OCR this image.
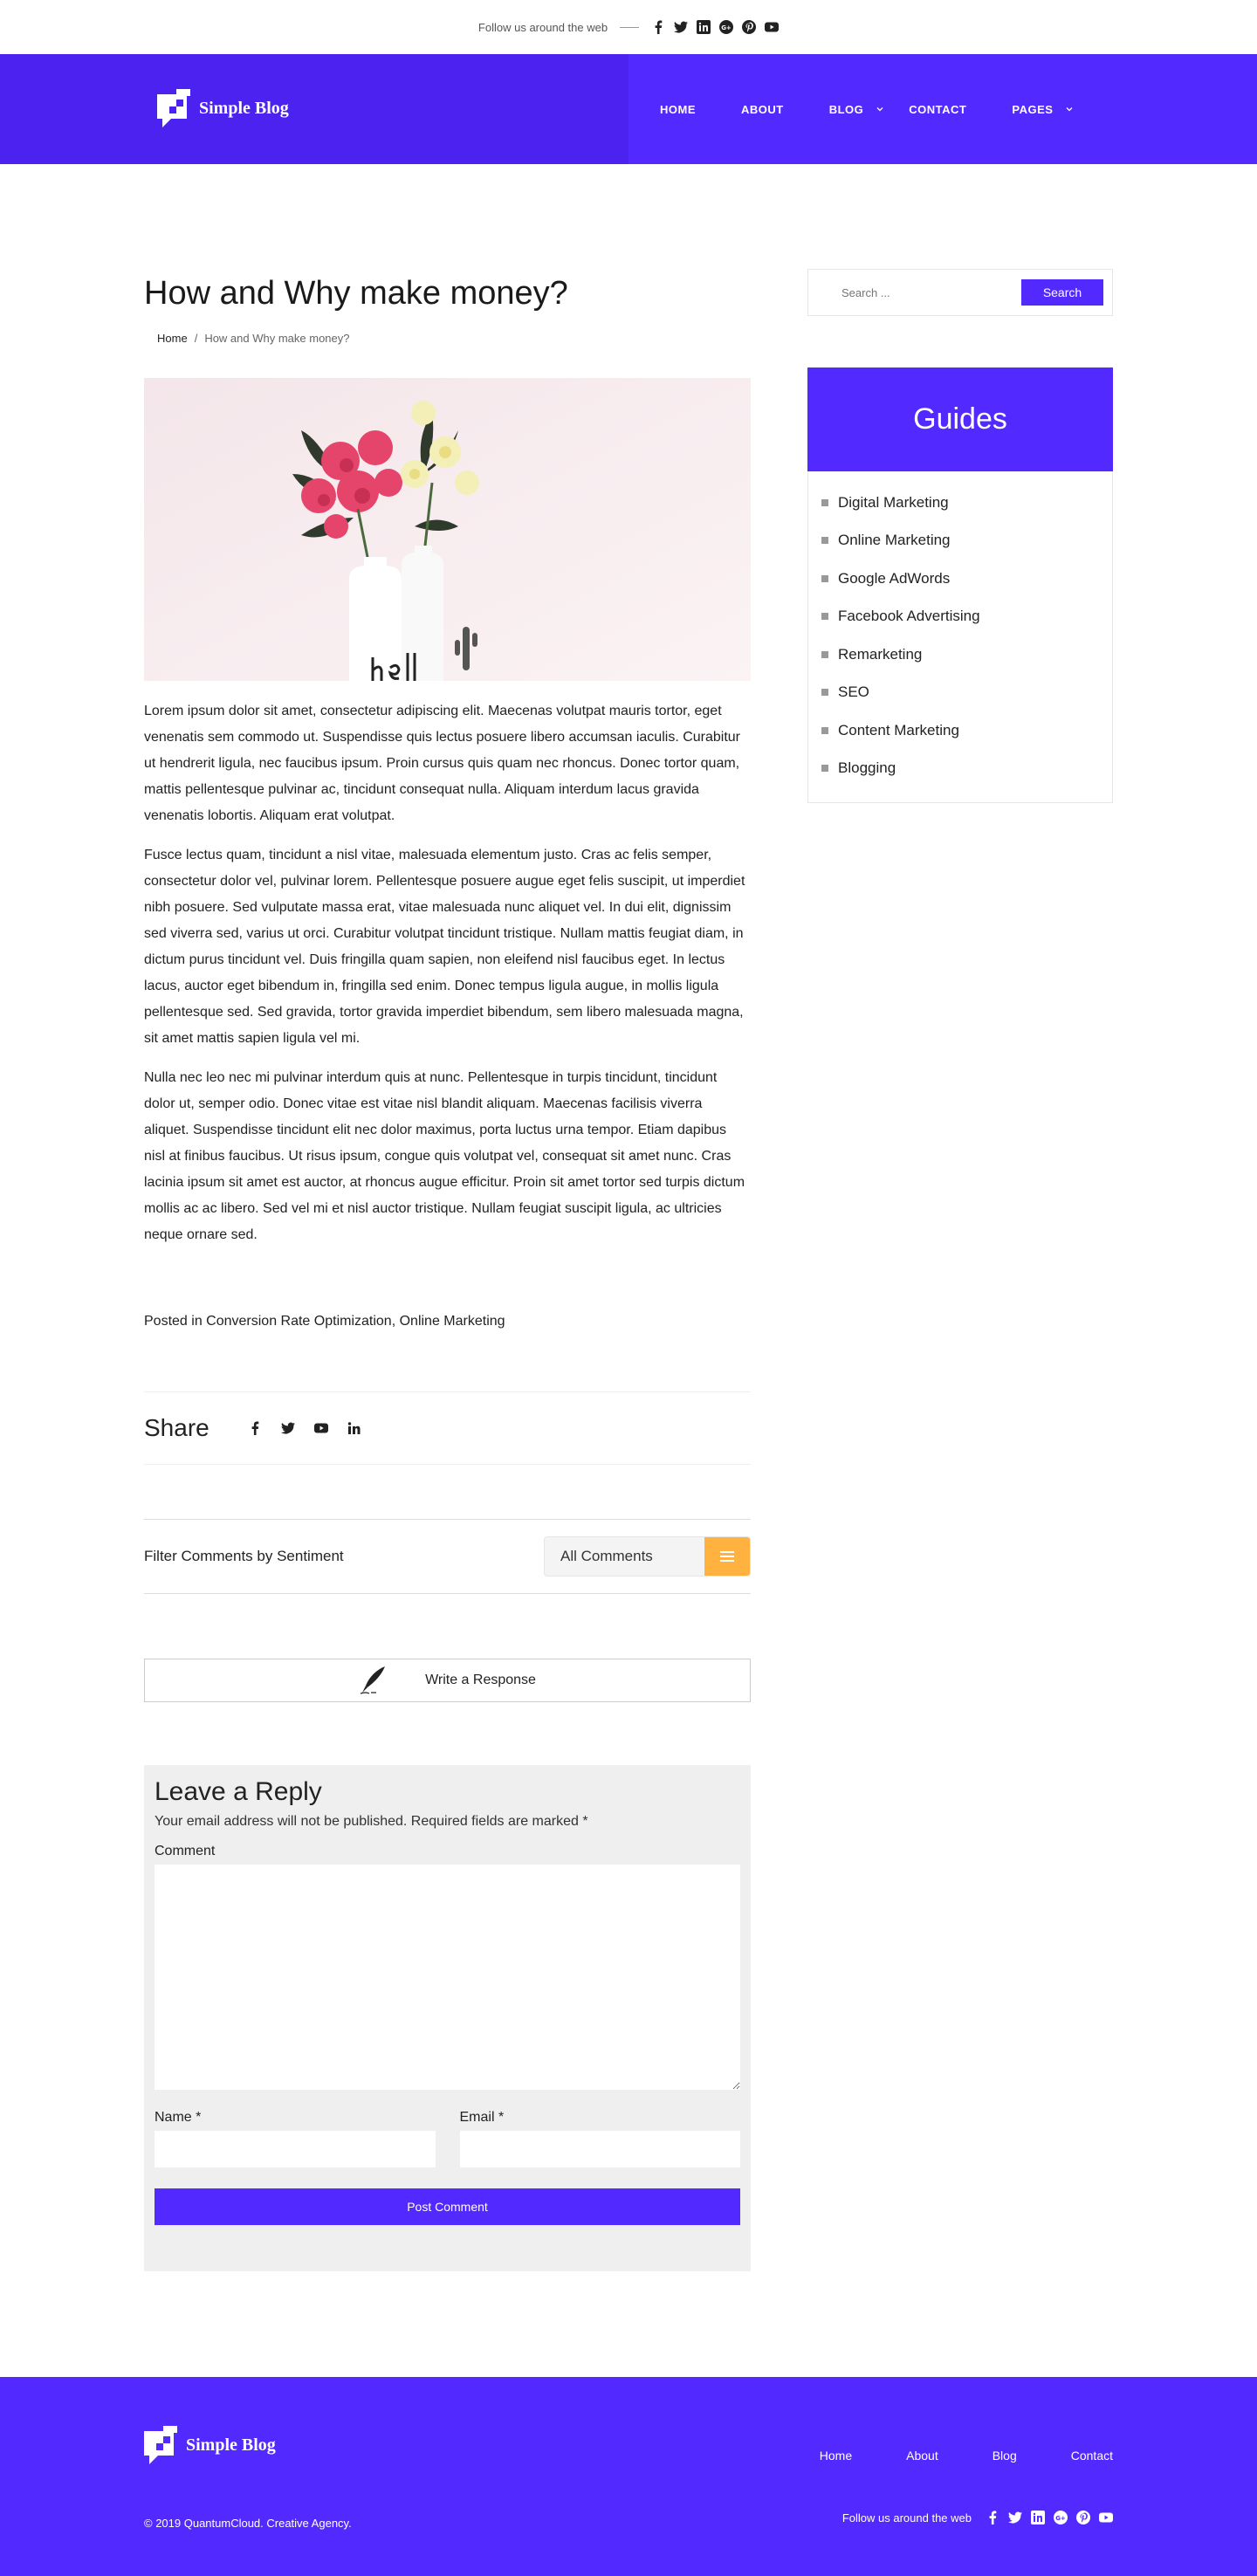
Follow us around the web	G+
Simple Blog	HOME	ABOUT	BLOG	CONTACT	PAGES
How and Why make money?
Home / How and Why make money?

Lorem ipsum dolor sit amet, consectetur adipiscing elit. Maecenas volutpat mauris tortor, eget venenatis sem commodo ut. Suspendisse quis lectus posuere libero accumsan iaculis. Curabitur ut hendrerit ligula, nec faucibus ipsum. Proin cursus quis quam nec rhoncus. Donec tortor quam, mattis pellentesque pulvinar ac, tincidunt consequat nulla. Aliquam interdum lacus gravida venenatis lobortis. Aliquam erat volutpat.

Fusce lectus quam, tincidunt a nisl vitae, malesuada elementum justo. Cras ac felis semper, consectetur dolor vel, pulvinar lorem. Pellentesque posuere augue eget felis suscipit, ut imperdiet nibh posuere. Sed vulputate massa erat, vitae malesuada nunc aliquet vel. In dui elit, dignissim sed viverra sed, varius ut orci. Curabitur volutpat tincidunt tristique. Nullam mattis feugiat diam, in dictum purus tincidunt vel. Duis fringilla quam sapien, non eleifend nisl faucibus eget. In lectus lacus, auctor eget bibendum in, fringilla sed enim. Donec tempus ligula augue, in mollis ligula pellentesque sed. Sed gravida, tortor gravida imperdiet bibendum, sem libero malesuada magna, sit amet mattis sapien ligula vel mi.

Nulla nec leo nec mi pulvinar interdum quis at nunc. Pellentesque in turpis tincidunt, tincidunt dolor ut, semper odio. Donec vitae est vitae nisl blandit aliquam. Maecenas facilisis viverra aliquet. Suspendisse tincidunt elit nec dolor maximus, porta luctus urna tempor. Etiam dapibus nisl at finibus faucibus. Ut risus ipsum, congue quis volutpat vel, consequat sit amet nunc. Cras lacinia ipsum sit amet est auctor, at rhoncus augue efficitur. Proin sit amet tortor sed turpis dictum mollis ac ac libero. Sed vel mi et nisl auctor tristique. Nullam feugiat suscipit ligula, ac ultricies neque ornare sed.

Posted in Conversion Rate Optimization, Online Marketing
Share
Filter Comments by Sentiment	All Comments
Write a Response
Leave a Reply
Your email address will not be published. Required fields are marked *
Comment
Name *	Email *
Post Comment
Search ...
Search
Guides
Digital Marketing
Online Marketing
Google AdWords
Facebook Advertising
Remarketing
SEO
Content Marketing
Blogging
Simple Blog
Home	About	Blog	Contact
© 2019 QuantumCloud. Creative Agency.	Follow us around the web	G+
